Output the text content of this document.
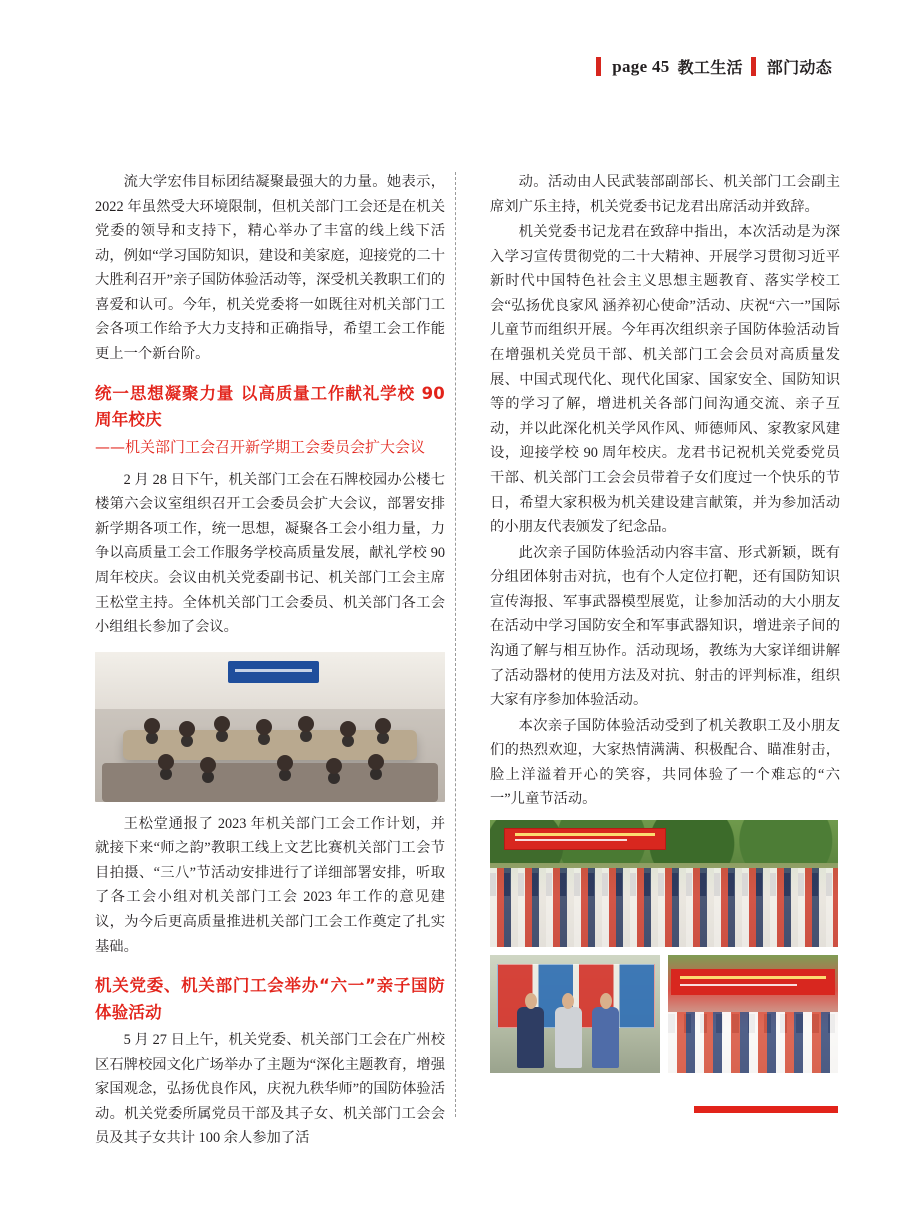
page 45 教工生活 部门动态

流大学宏伟目标团结凝聚最强大的力量。她表示，2022 年虽然受大环境限制，但机关部门工会还是在机关党委的领导和支持下，精心举办了丰富的线上线下活动，例如“学习国防知识，建设和美家庭，迎接党的二十大胜利召开”亲子国防体验活动等，深受机关教职工们的喜爱和认可。今年，机关党委将一如既往对机关部门工会各项工作给予大力支持和正确指导，希望工会工作能更上一个新台阶。

统一思想凝聚力量 以高质量工作献礼学校 90 周年校庆

——机关部门工会召开新学期工会委员会扩大会议

2 月 28 日下午，机关部门工会在石牌校园办公楼七楼第六会议室组织召开工会委员会扩大会议，部署安排新学期各项工作，统一思想，凝聚各工会小组力量，力争以高质量工会工作服务学校高质量发展，献礼学校 90 周年校庆。会议由机关党委副书记、机关部门工会主席王松堂主持。全体机关部门工会委员、机关部门各工会小组组长参加了会议。

王松堂通报了 2023 年机关部门工会工作计划，并就接下来“师之韵”教职工线上文艺比赛机关部门工会节目拍摄、“三八”节活动安排进行了详细部署安排，听取了各工会小组对机关部门工会 2023 年工作的意见建议，为今后更高质量推进机关部门工会工作奠定了扎实基础。

机关党委、机关部门工会举办“六一”亲子国防体验活动

5 月 27 日上午，机关党委、机关部门工会在广州校区石牌校园文化广场举办了主题为“深化主题教育，增强家国观念，弘扬优良作风，庆祝九秩华师”的国防体验活动。机关党委所属党员干部及其子女、机关部门工会会员及其子女共计 100 余人参加了活

动。活动由人民武装部副部长、机关部门工会副主席刘广乐主持，机关党委书记龙君出席活动并致辞。

机关党委书记龙君在致辞中指出，本次活动是为深入学习宣传贯彻党的二十大精神、开展学习贯彻习近平新时代中国特色社会主义思想主题教育、落实学校工会“弘扬优良家风 涵养初心使命”活动、庆祝“六一”国际儿童节而组织开展。今年再次组织亲子国防体验活动旨在增强机关党员干部、机关部门工会会员对高质量发展、中国式现代化、现代化国家、国家安全、国防知识等的学习了解，增进机关各部门间沟通交流、亲子互动，并以此深化机关学风作风、师德师风、家教家风建设，迎接学校 90 周年校庆。龙君书记祝机关党委党员干部、机关部门工会会员带着子女们度过一个快乐的节日，希望大家积极为机关建设建言献策，并为参加活动的小朋友代表颁发了纪念品。

此次亲子国防体验活动内容丰富、形式新颖，既有分组团体射击对抗，也有个人定位打靶，还有国防知识宣传海报、军事武器模型展览，让参加活动的大小朋友在活动中学习国防安全和军事武器知识，增进亲子间的沟通了解与相互协作。活动现场，教练为大家详细讲解了活动器材的使用方法及对抗、射击的评判标准，组织大家有序参加体验活动。

本次亲子国防体验活动受到了机关教职工及小朋友们的热烈欢迎，大家热情满满、积极配合、瞄准射击，脸上洋溢着开心的笑容，共同体验了一个难忘的“六一”儿童节活动。
